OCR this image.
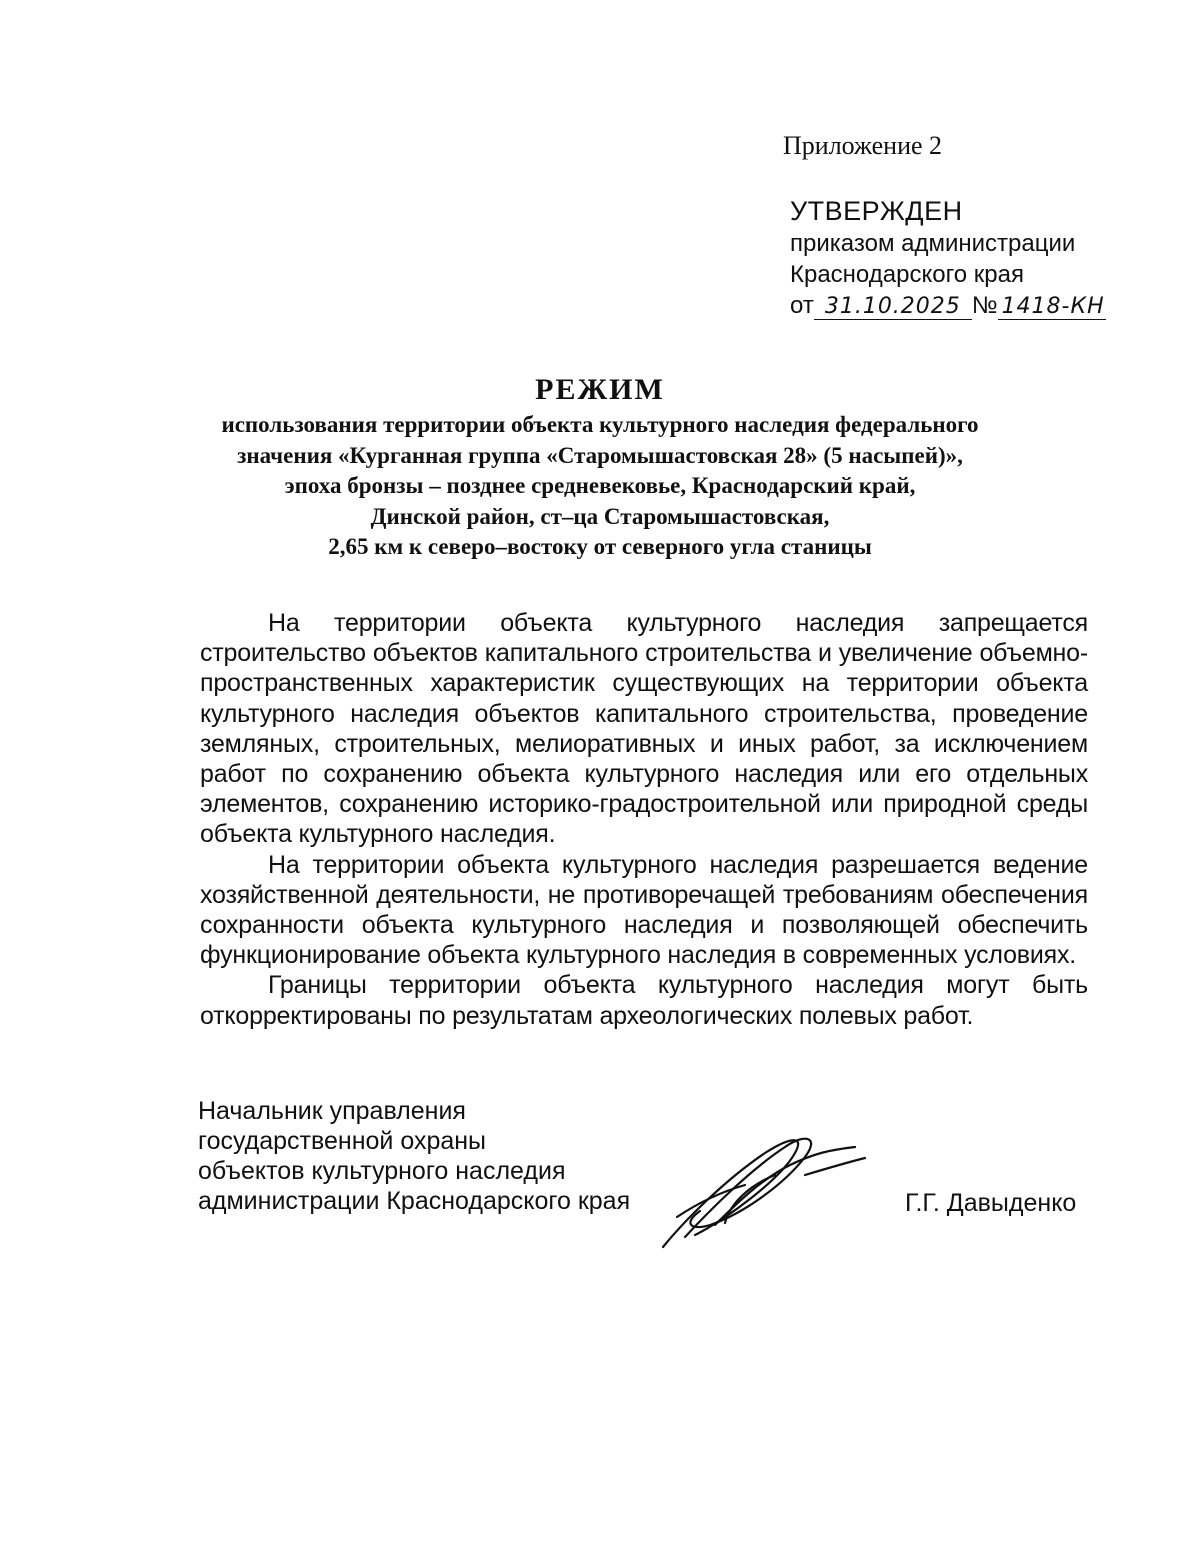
Приложение 2
УТВЕРЖДЕН
приказом администрации
Краснодарского края
от 31.10.2025 № 1418-КН
РЕЖИМ
использования территории объекта культурного наследия федерального
значения «Курганная группа «Старомышастовская 28» (5 насыпей)»,
эпоха бронзы – позднее средневековье, Краснодарский край,
Динской район, ст–ца Старомышастовская,
2,65 км к северо–востоку от северного угла станицы

На территории объекта культурного наследия запрещается строительство объектов капитального строительства и увеличение объемно-пространственных характеристик существующих на территории объекта культурного наследия объектов капитального строительства, проведение земляных, строительных, мелиоративных и иных работ, за исключением работ по сохранению объекта культурного наследия или его отдельных элементов, сохранению историко-градостроительной или природной среды объекта культурного наследия.

На территории объекта культурного наследия разрешается ведение хозяйственной деятельности, не противоречащей требованиям обеспечения сохранности объекта культурного наследия и позволяющей обеспечить функционирование объекта культурного наследия в современных условиях.

Границы территории объекта культурного наследия могут быть откорректированы по результатам археологических полевых работ.

Начальник управления
государственной охраны
объектов культурного наследия
администрации Краснодарского края	Г.Г. Давыденко
